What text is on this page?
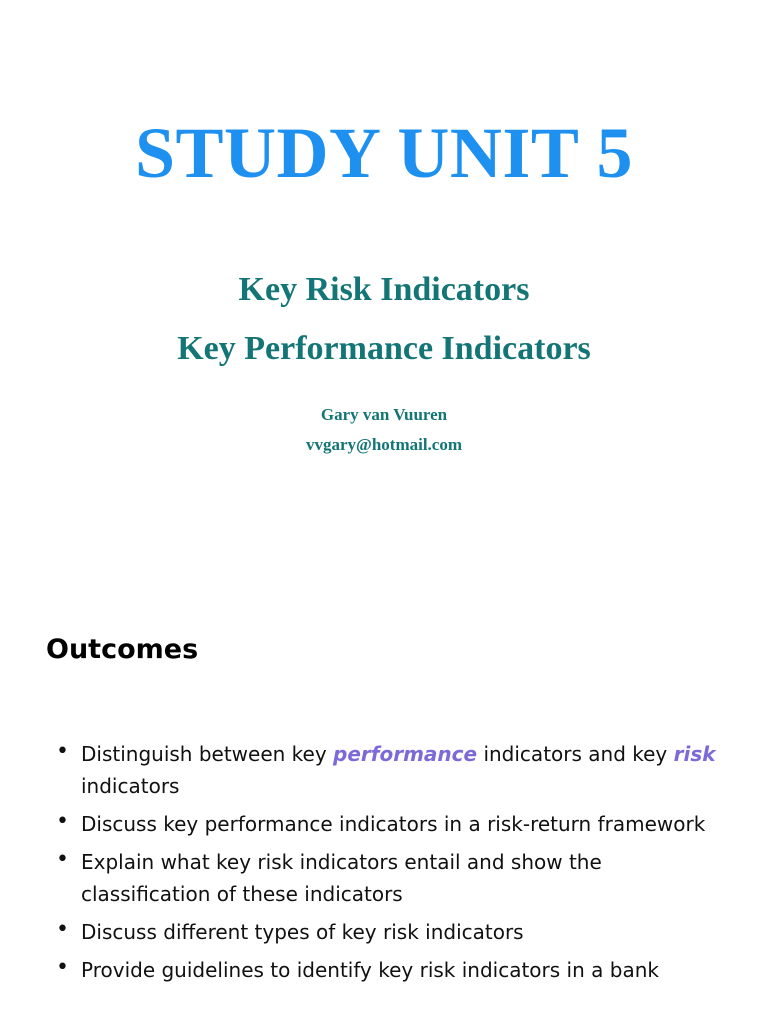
STUDY UNIT 5
Key Risk Indicators
Key Performance Indicators
Gary van Vuuren
vvgary@hotmail.com
Outcomes
• Distinguish between key performance indicators and key risk indicators
• Discuss key performance indicators in a risk-return framework
• Explain what key risk indicators entail and show the classification of these indicators
• Discuss different types of key risk indicators
• Provide guidelines to identify key risk indicators in a bank
